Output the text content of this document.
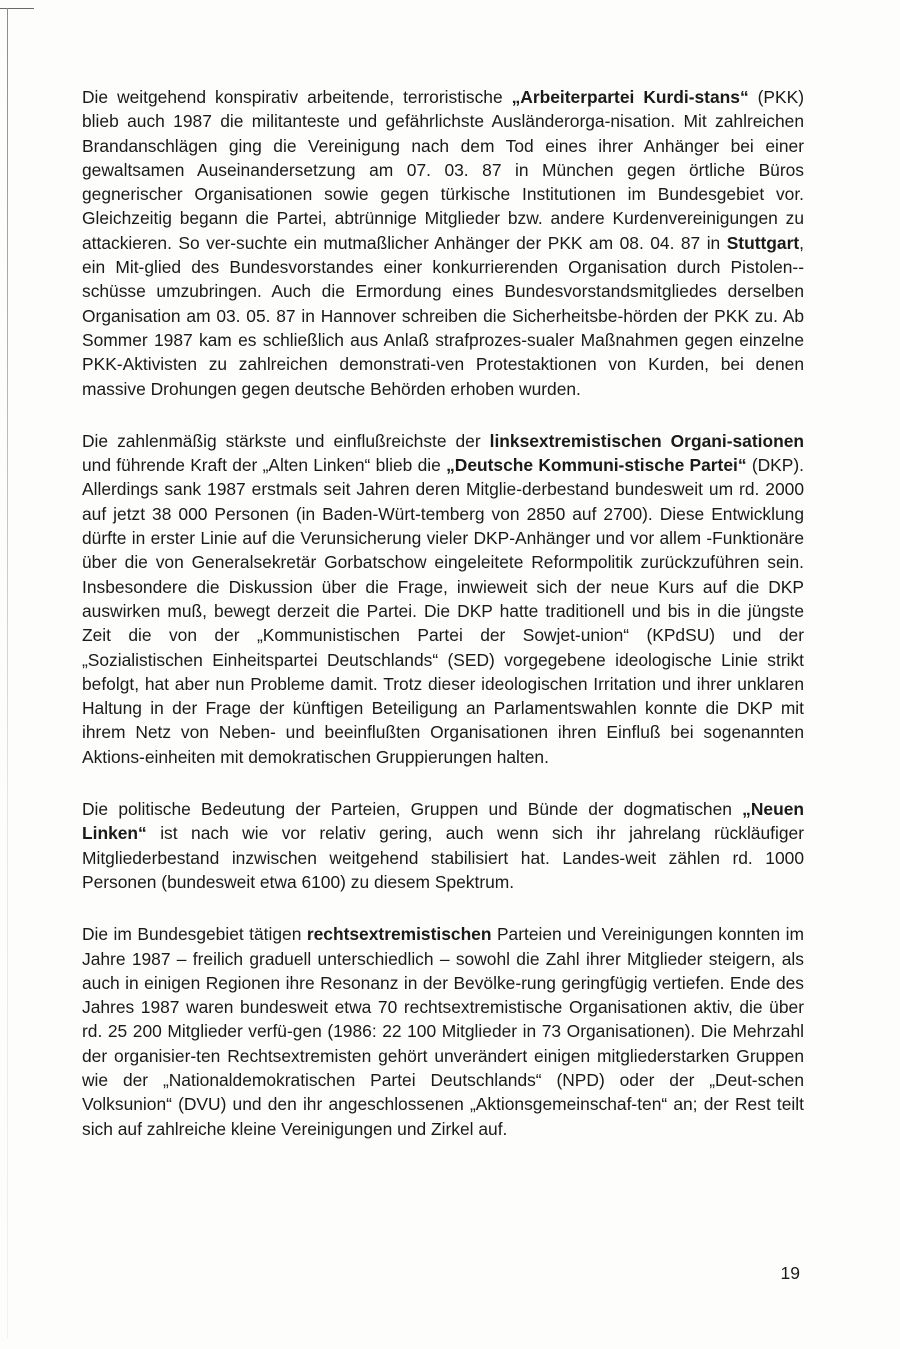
Die weitgehend konspirativ arbeitende, terroristische „Arbeiterpartei Kurdi-stans“ (PKK) blieb auch 1987 die militanteste und gefährlichste Ausländerorga-nisation. Mit zahlreichen Brandanschlägen ging die Vereinigung nach dem Tod eines ihrer Anhänger bei einer gewaltsamen Auseinandersetzung am 07. 03. 87 in München gegen örtliche Büros gegnerischer Organisationen sowie gegen türkische Institutionen im Bundesgebiet vor. Gleichzeitig begann die Partei, abtrünnige Mitglieder bzw. andere Kurdenvereinigungen zu attackieren. So ver-suchte ein mutmaßlicher Anhänger der PKK am 08. 04. 87 in Stuttgart, ein Mit-glied des Bundesvorstandes einer konkurrierenden Organisation durch Pistolen-schüsse umzubringen. Auch die Ermordung eines Bundesvorstandsmitgliedes derselben Organisation am 03. 05. 87 in Hannover schreiben die Sicherheitsbe-hörden der PKK zu. Ab Sommer 1987 kam es schließlich aus Anlaß strafprozes-sualer Maßnahmen gegen einzelne PKK-Aktivisten zu zahlreichen demonstrati-ven Protestaktionen von Kurden, bei denen massive Drohungen gegen deutsche Behörden erhoben wurden.

Die zahlenmäßig stärkste und einflußreichste der linksextremistischen Organi-sationen und führende Kraft der „Alten Linken“ blieb die „Deutsche Kommuni-stische Partei“ (DKP). Allerdings sank 1987 erstmals seit Jahren deren Mitglie-derbestand bundesweit um rd. 2000 auf jetzt 38 000 Personen (in Baden-Würt-temberg von 2850 auf 2700). Diese Entwicklung dürfte in erster Linie auf die Verunsicherung vieler DKP-Anhänger und vor allem -Funktionäre über die von Generalsekretär Gorbatschow eingeleitete Reformpolitik zurückzuführen sein. Insbesondere die Diskussion über die Frage, inwieweit sich der neue Kurs auf die DKP auswirken muß, bewegt derzeit die Partei. Die DKP hatte traditionell und bis in die jüngste Zeit die von der „Kommunistischen Partei der Sowjet-union“ (KPdSU) und der „Sozialistischen Einheitspartei Deutschlands“ (SED) vorgegebene ideologische Linie strikt befolgt, hat aber nun Probleme damit. Trotz dieser ideologischen Irritation und ihrer unklaren Haltung in der Frage der künftigen Beteiligung an Parlamentswahlen konnte die DKP mit ihrem Netz von Neben- und beeinflußten Organisationen ihren Einfluß bei sogenannten Aktions-einheiten mit demokratischen Gruppierungen halten.

Die politische Bedeutung der Parteien, Gruppen und Bünde der dogmatischen „Neuen Linken“ ist nach wie vor relativ gering, auch wenn sich ihr jahrelang rückläufiger Mitgliederbestand inzwischen weitgehend stabilisiert hat. Landes-weit zählen rd. 1000 Personen (bundesweit etwa 6100) zu diesem Spektrum.

Die im Bundesgebiet tätigen rechtsextremistischen Parteien und Vereinigungen konnten im Jahre 1987 – freilich graduell unterschiedlich – sowohl die Zahl ihrer Mitglieder steigern, als auch in einigen Regionen ihre Resonanz in der Bevölke-rung geringfügig vertiefen. Ende des Jahres 1987 waren bundesweit etwa 70 rechtsextremistische Organisationen aktiv, die über rd. 25 200 Mitglieder verfü-gen (1986: 22 100 Mitglieder in 73 Organisationen). Die Mehrzahl der organisier-ten Rechtsextremisten gehört unverändert einigen mitgliederstarken Gruppen wie der „Nationaldemokratischen Partei Deutschlands“ (NPD) oder der „Deut-schen Volksunion“ (DVU) und den ihr angeschlossenen „Aktionsgemeinschaf-ten“ an; der Rest teilt sich auf zahlreiche kleine Vereinigungen und Zirkel auf.

19
